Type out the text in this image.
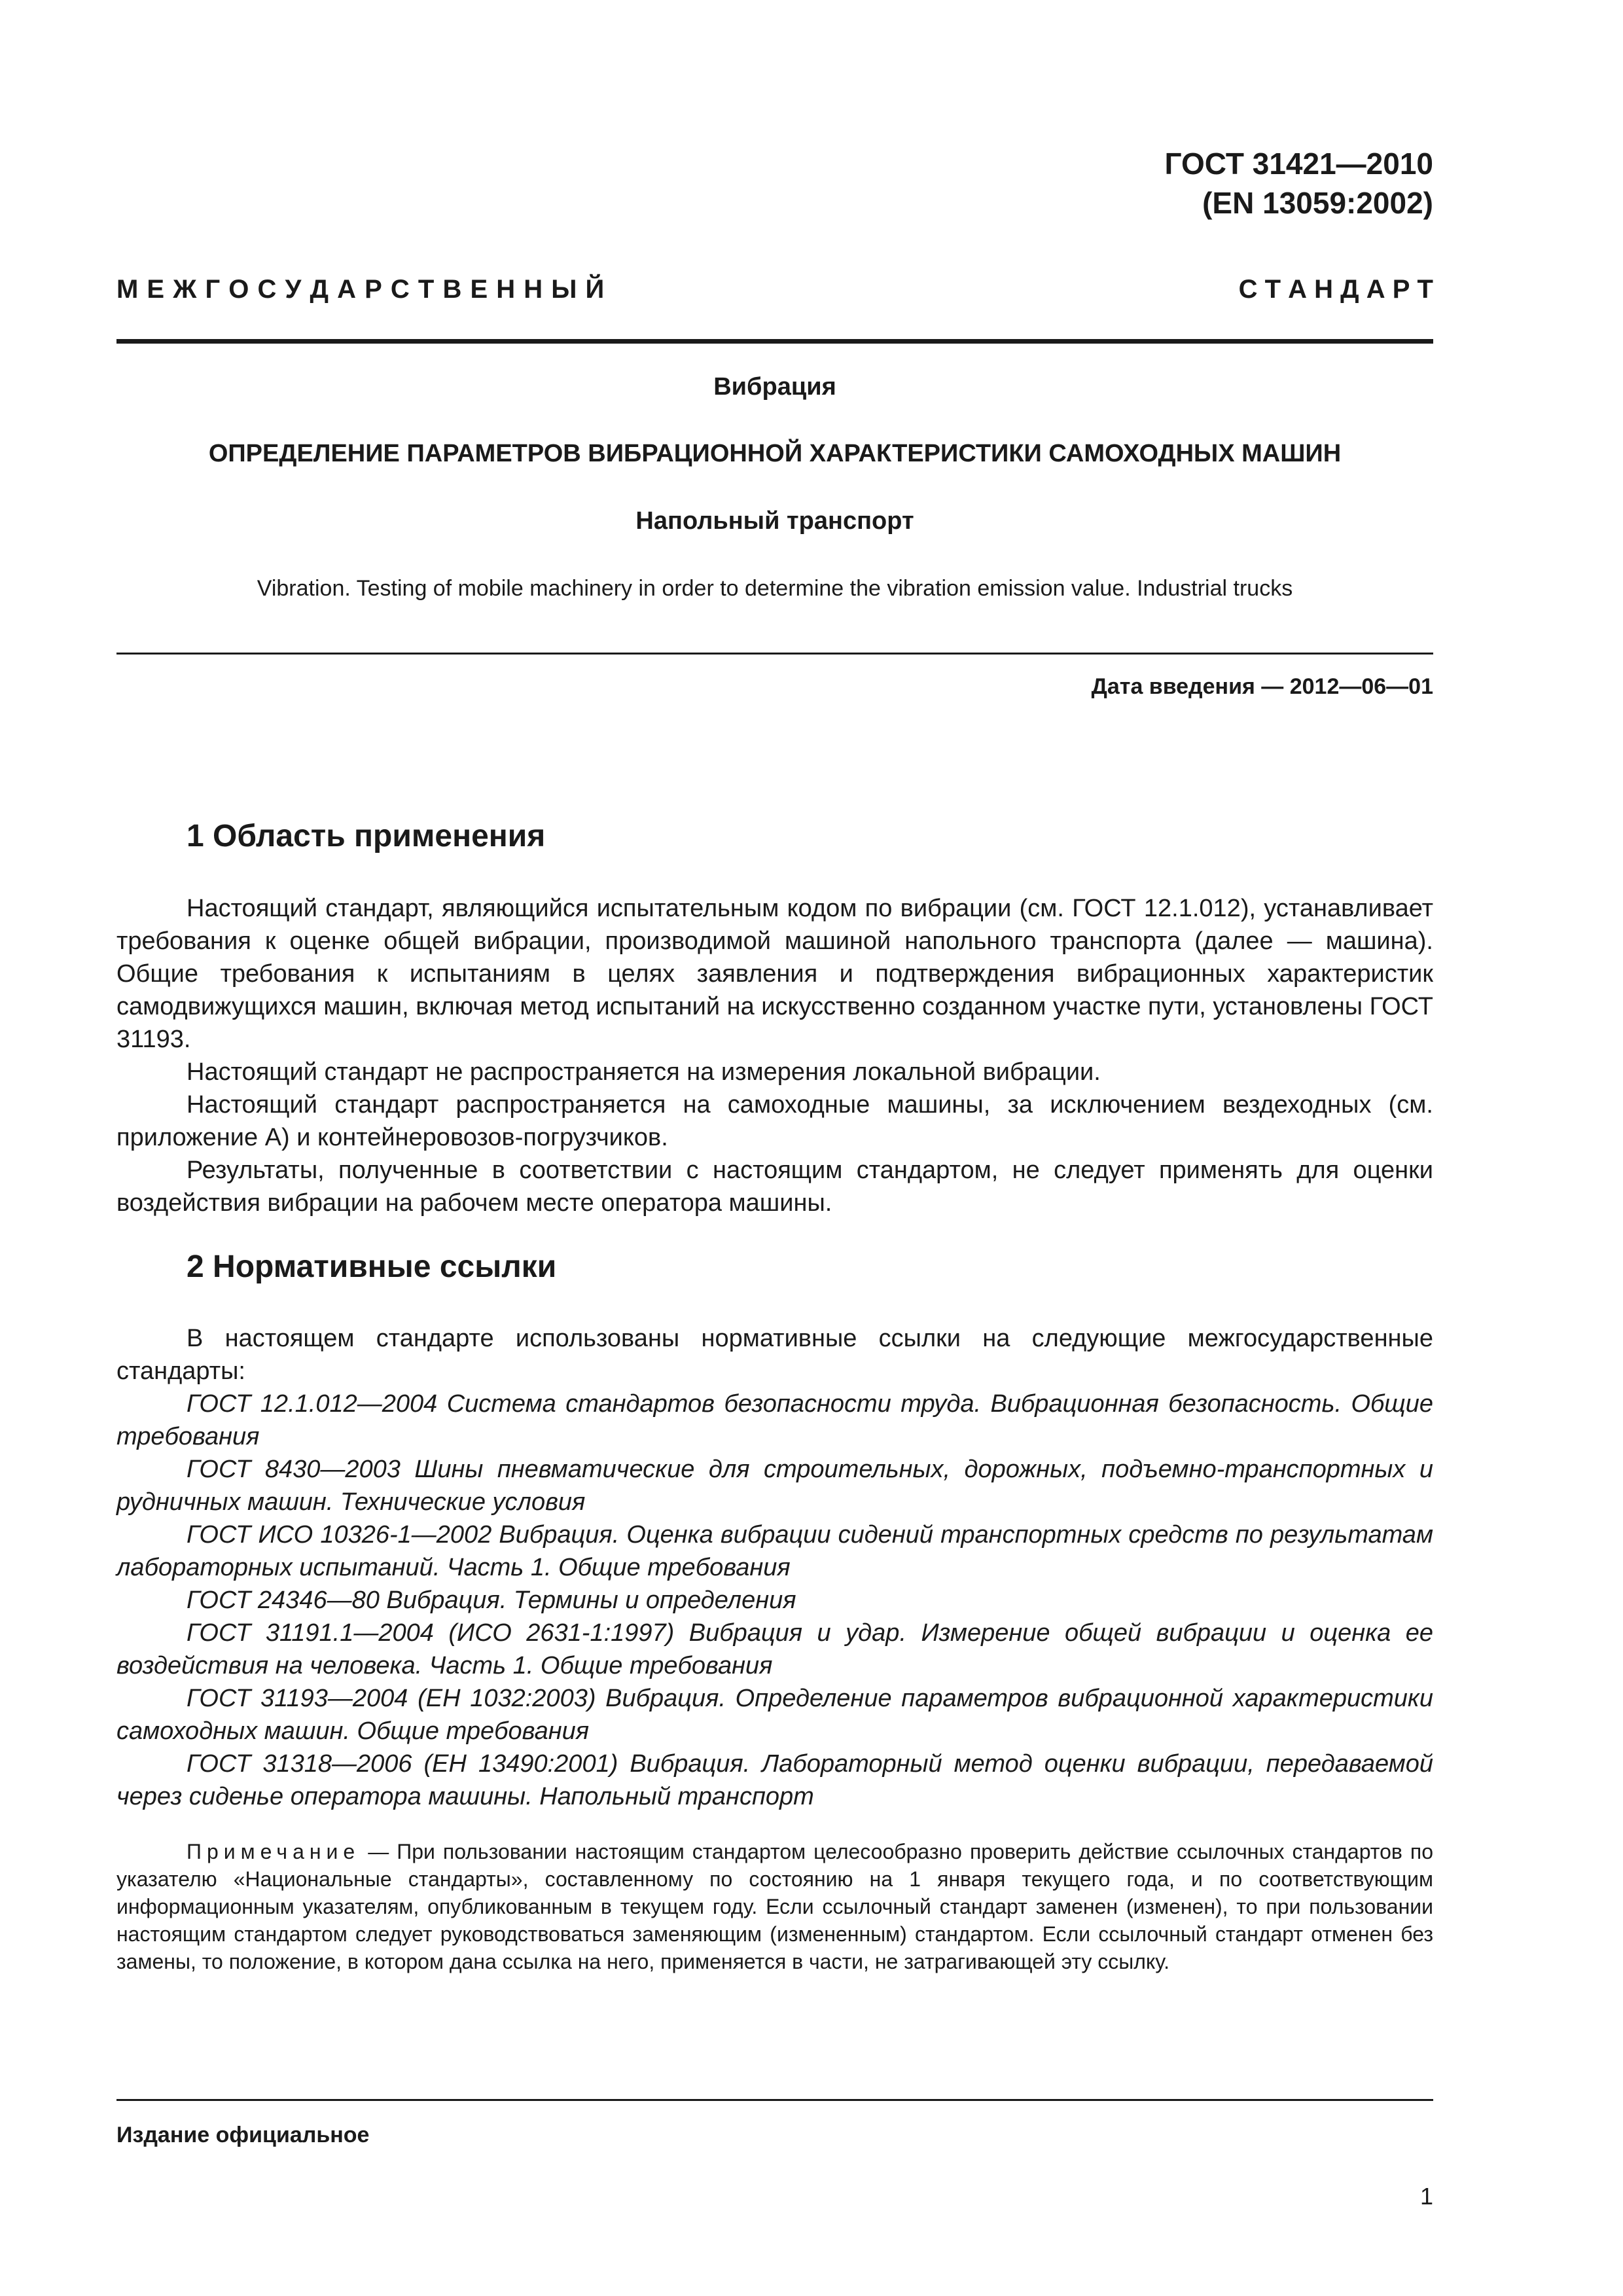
ГОСТ 31421—2010
(EN 13059:2002)
М Е Ж Г О С У Д А Р С Т В Е Н Н Ы Й	С Т А Н Д А Р Т
Вибрация
ОПРЕДЕЛЕНИЕ ПАРАМЕТРОВ ВИБРАЦИОННОЙ ХАРАКТЕРИСТИКИ САМОХОДНЫХ МАШИН
Напольный транспорт
Vibration. Testing of mobile machinery in order to determine the vibration emission value. Industrial trucks
Дата введения — 2012—06—01
1 Область применения

Настоящий стандарт, являющийся испытательным кодом по вибрации (см. ГОСТ 12.1.012), устанавливает требования к оценке общей вибрации, производимой машиной напольного транспорта (далее — машина). Общие требования к испытаниям в целях заявления и подтверждения вибрационных характеристик самодвижущихся машин, включая метод испытаний на искусственно созданном участке пути, установлены ГОСТ 31193.

Настоящий стандарт не распространяется на измерения локальной вибрации.

Настоящий стандарт распространяется на самоходные машины, за исключением вездеходных (см. приложение А) и контейнеровозов-погрузчиков.

Результаты, полученные в соответствии с настоящим стандартом, не следует применять для оценки воздействия вибрации на рабочем месте оператора машины.

2 Нормативные ссылки

В настоящем стандарте использованы нормативные ссылки на следующие межгосударственные стандарты:

ГОСТ 12.1.012—2004 Система стандартов безопасности труда. Вибрационная безопасность. Общие требования

ГОСТ 8430—2003 Шины пневматические для строительных, дорожных, подъемно-транспортных и рудничных машин. Технические условия

ГОСТ ИСО 10326-1—2002 Вибрация. Оценка вибрации сидений транспортных средств по результатам лабораторных испытаний. Часть 1. Общие требования

ГОСТ 24346—80 Вибрация. Термины и определения

ГОСТ 31191.1—2004 (ИСО 2631-1:1997) Вибрация и удар. Измерение общей вибрации и оценка ее воздействия на человека. Часть 1. Общие требования

ГОСТ 31193—2004 (ЕН 1032:2003) Вибрация. Определение параметров вибрационной характеристики самоходных машин. Общие требования

ГОСТ 31318—2006 (ЕН 13490:2001) Вибрация. Лабораторный метод оценки вибрации, передаваемой через сиденье оператора машины. Напольный транспорт

Примечание — При пользовании настоящим стандартом целесообразно проверить действие ссылочных стандартов по указателю «Национальные стандарты», составленному по состоянию на 1 января текущего года, и по соответствующим информационным указателям, опубликованным в текущем году. Если ссылочный стандарт заменен (изменен), то при пользовании настоящим стандартом следует руководствоваться заменяющим (измененным) стандартом. Если ссылочный стандарт отменен без замены, то положение, в котором дана ссылка на него, применяется в части, не затрагивающей эту ссылку.

Издание официальное
1
